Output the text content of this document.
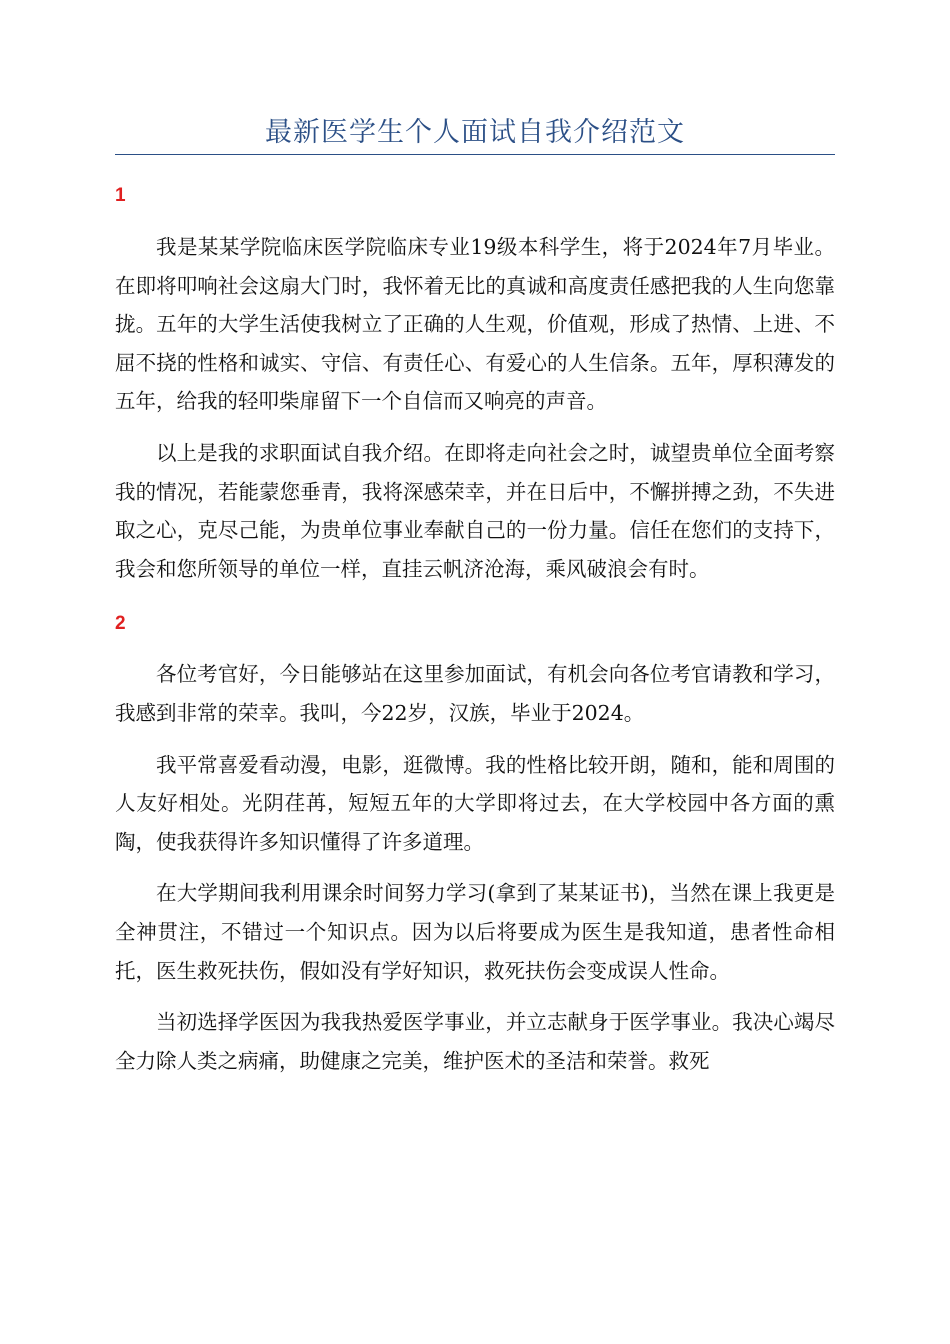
最新医学生个人面试自我介绍范文
1

我是某某学院临床医学院临床专业19级本科学生，将于2024年7月毕业。在即将叩响社会这扇大门时，我怀着无比的真诚和高度责任感把我的人生向您靠拢。五年的大学生活使我树立了正确的人生观，价值观，形成了热情、上进、不屈不挠的性格和诚实、守信、有责任心、有爱心的人生信条。五年，厚积薄发的五年，给我的轻叩柴扉留下一个自信而又响亮的声音。

以上是我的求职面试自我介绍。在即将走向社会之时，诚望贵单位全面考察我的情况，若能蒙您垂青，我将深感荣幸，并在日后中，不懈拼搏之劲，不失进取之心，克尽己能，为贵单位事业奉献自己的一份力量。信任在您们的支持下，我会和您所领导的单位一样，直挂云帆济沧海，乘风破浪会有时。

2

各位考官好，今日能够站在这里参加面试，有机会向各位考官请教和学习，我感到非常的荣幸。我叫，今22岁，汉族，毕业于2024。

我平常喜爱看动漫，电影，逛微博。我的性格比较开朗，随和，能和周围的人友好相处。光阴荏苒，短短五年的大学即将过去，在大学校园中各方面的熏陶，使我获得许多知识懂得了许多道理。

在大学期间我利用课余时间努力学习(拿到了某某证书)，当然在课上我更是全神贯注，不错过一个知识点。因为以后将要成为医生是我知道，患者性命相托，医生救死扶伤，假如没有学好知识，救死扶伤会变成误人性命。

当初选择学医因为我我热爱医学事业，并立志献身于医学事业。我决心竭尽全力除人类之病痛，助健康之完美，维护医术的圣洁和荣誉。救死
